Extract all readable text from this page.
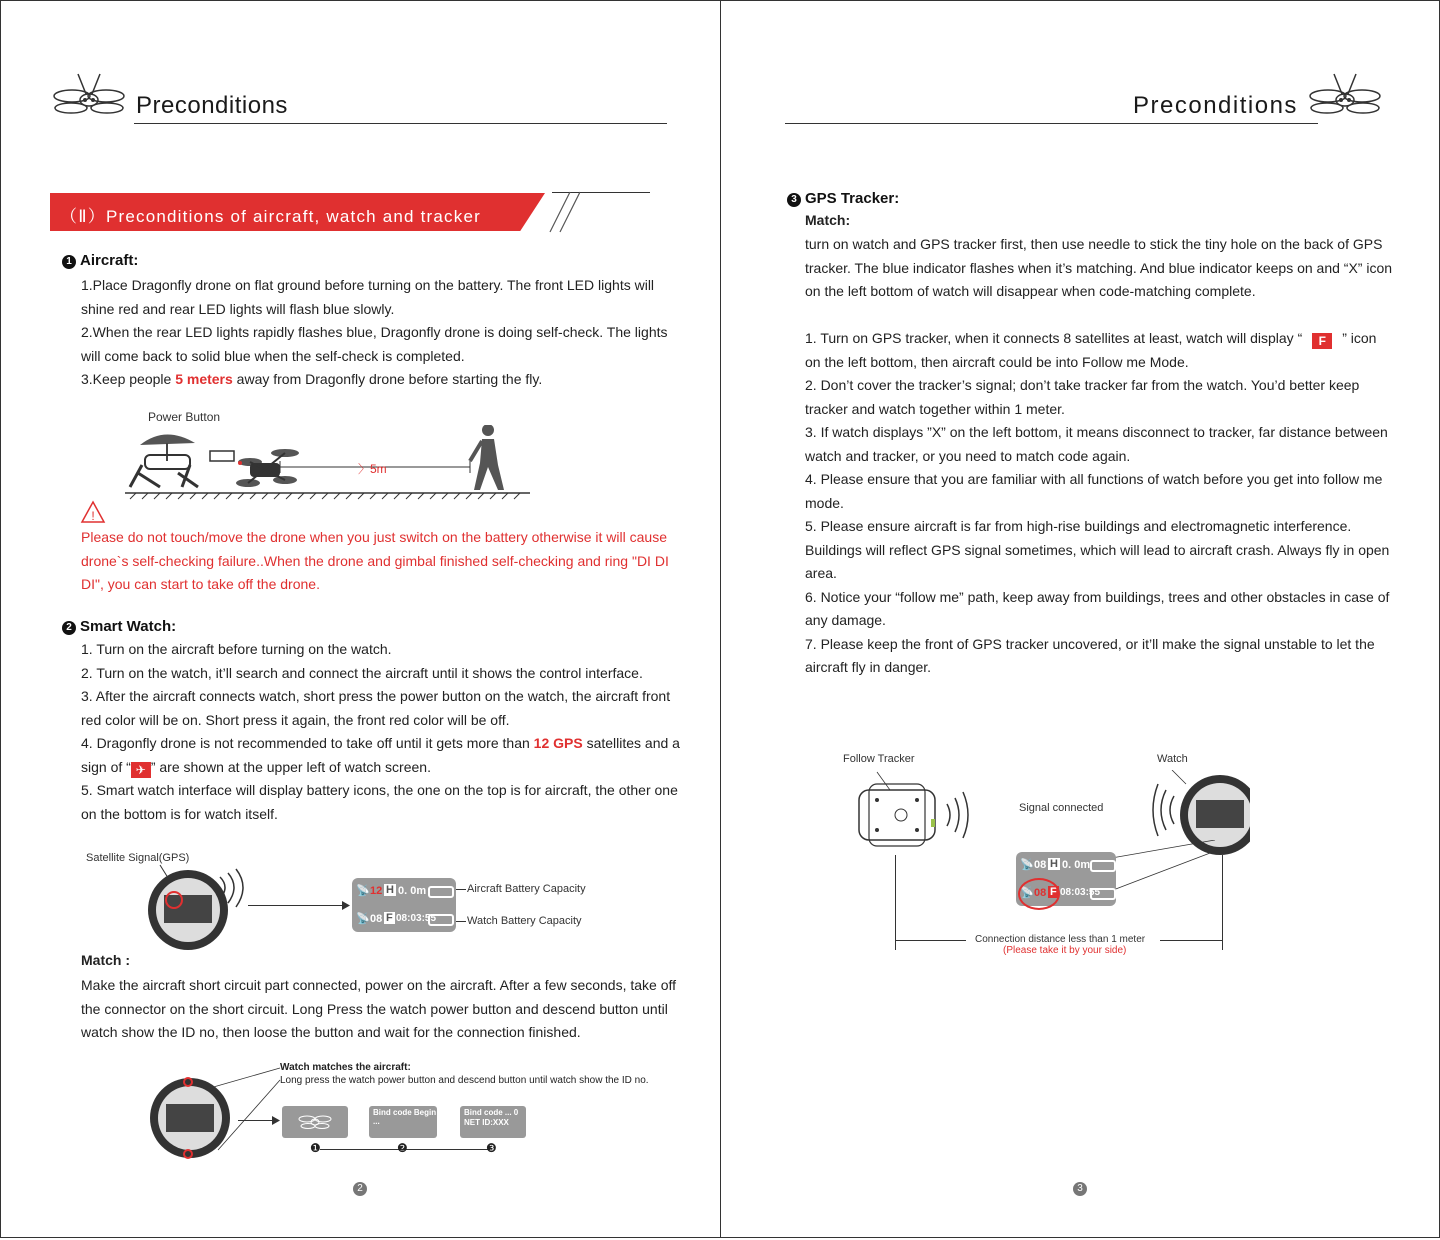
Preconditions
（Ⅱ）Preconditions of aircraft, watch and tracker
1 Aircraft:
1.Place Dragonfly drone on flat ground before turning on the battery. The front LED lights will shine red and rear LED lights will flash blue slowly.
2.When the rear LED lights rapidly flashes blue, Dragonfly drone is doing self-check. The lights will come back to solid blue when the self-check is completed.
3.Keep people 5 meters away from Dragonfly drone before starting the fly.
Power Button
〉5m
!
Please do not touch/move the drone when you just switch on the battery otherwise it will cause drone`s self-checking failure..When the drone and gimbal finished self-checking and ring "DI DI DI", you can start to take off the drone.
2 Smart Watch:
1. Turn on the aircraft before turning on the watch.
2. Turn on the watch, it’ll search and connect the aircraft until it shows the control interface.
3. After the aircraft connects watch, short press the power button on the watch, the aircraft front red color will be on. Short press it again, the front red color will be off.
4. Dragonfly drone is not recommended to take off until it gets more than 12 GPS satellites and a sign of “ ✈ ” are shown at the upper left of watch screen.
5. Smart watch interface will display battery icons, the one on the top is for aircraft, the other one on the bottom is for watch itself.
Satellite Signal(GPS)
📡 12 H 0. 0m
📡 08 F 08:03:55
Aircraft Battery Capacity
Watch Battery Capacity
Match :
Make the aircraft short circuit part connected, power on the aircraft. After a few seconds, take off the connector on the short circuit. Long Press the watch power button and descend button until watch show the ID no, then loose the button and wait for the connection finished.
Watch matches the aircraft:
Long press the watch power button and descend button until watch show the ID no.
Bind code Begin ...
Bind code ... 0
NET ID:XXX
❶	❷	❸
2
Preconditions
3 GPS Tracker:
Match:
turn on watch and GPS tracker first, then use needle to stick the tiny hole on the back of GPS tracker. The blue indicator flashes when it’s matching. And blue indicator keeps on and “X” icon on the left bottom of watch will disappear when code-matching complete.
1. Turn on GPS tracker, when it connects 8 satellites at least, watch will display “ F ” icon on the left bottom, then aircraft could be into Follow me Mode.
2. Don’t cover the tracker’s signal; don’t take tracker far from the watch. You’d better keep tracker and watch together within 1 meter.
3. If watch displays ”X” on the left bottom, it means disconnect to tracker, far distance between watch and tracker, or you need to match code again.
4. Please ensure that you are familiar with all functions of watch before you get into follow me mode.
5. Please ensure aircraft is far from high-rise buildings and electromagnetic interference. Buildings will reflect GPS signal sometimes, which will lead to aircraft crash. Always fly in open area.
6. Notice your “follow me” path, keep away from buildings, trees and other obstacles in case of any damage.
7. Please keep the front of GPS tracker uncovered, or it’ll make the signal unstable to let the aircraft fly in danger.
Follow Tracker	Watch
Signal connected
📡 08 H 0. 0m
📡 08 F 08:03:55
Connection distance less than 1 meter
(Please take it by your side)
3
